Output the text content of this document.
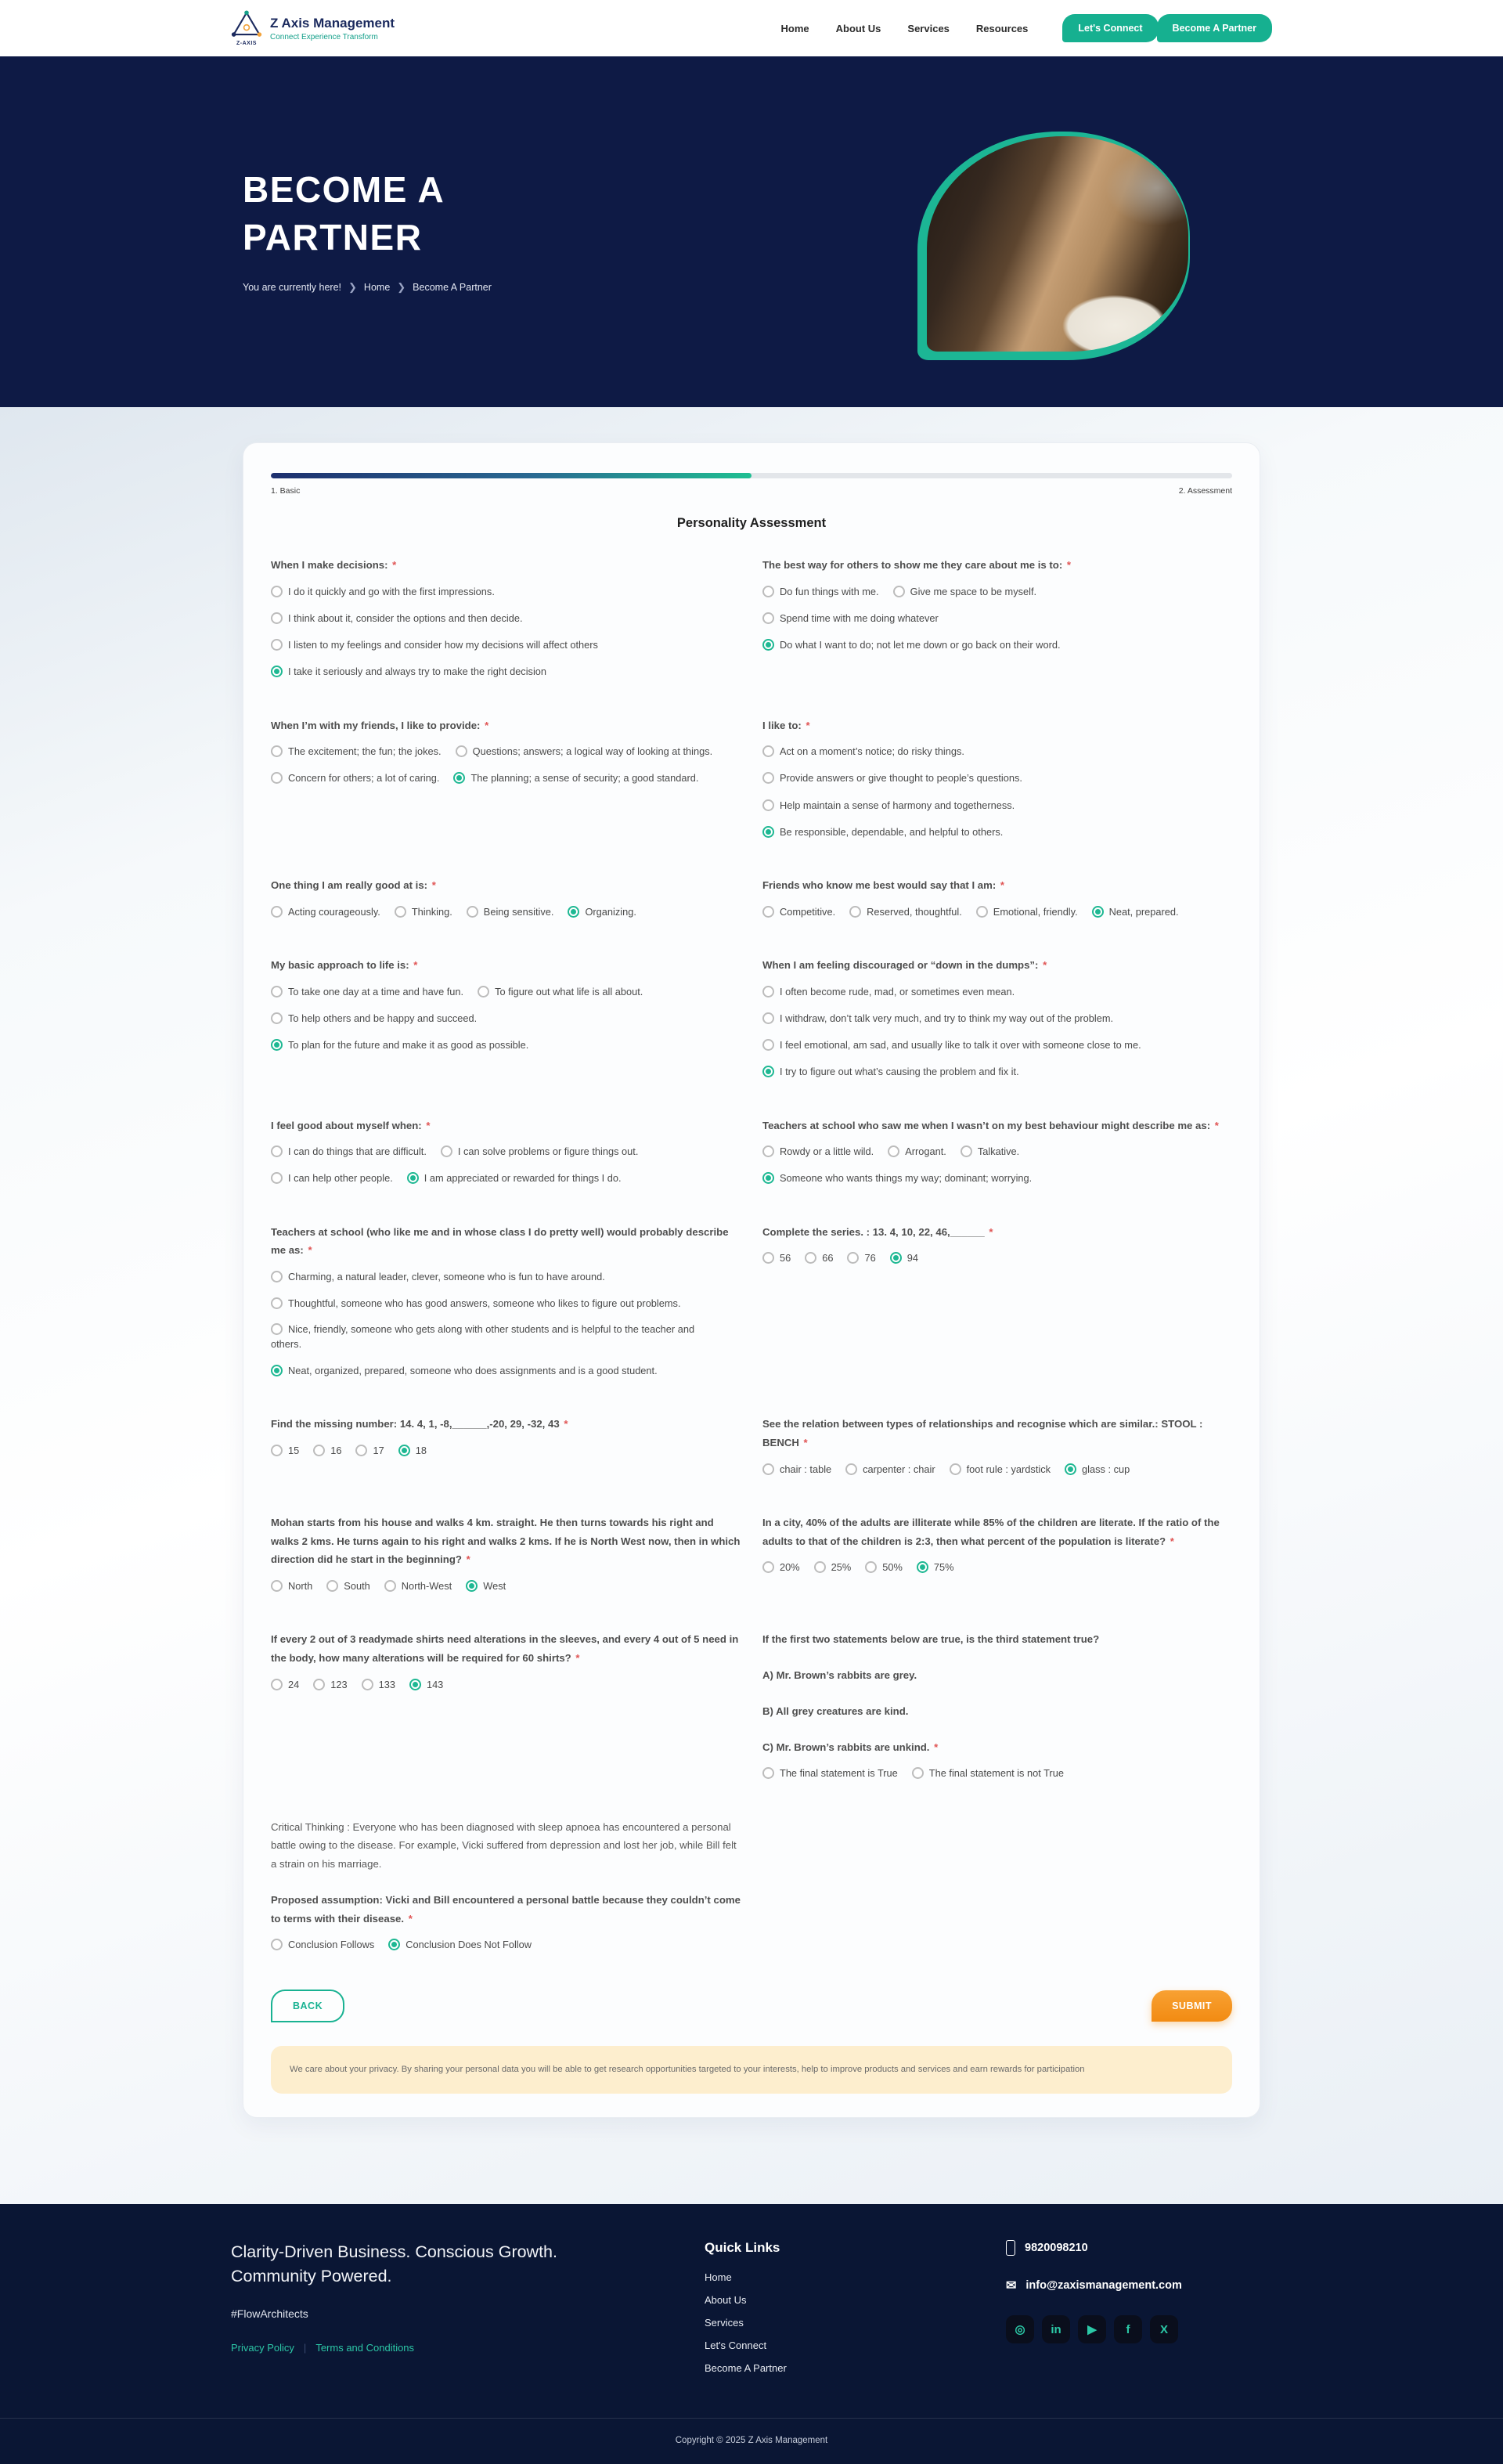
Z-AXIS
Z Axis Management
Connect Experience Transform
Home	About Us	Services	Resources	Let's Connect	Become A Partner
BECOME A
PARTNER
You are currently here! ❯ Home ❯ Become A Partner
1. Basic	2. Assessment
Personality Assessment
When I make decisions: *
I do it quickly and go with the first impressions.I think about it, consider the options and then decide.I listen to my feelings and consider how my decisions will affect othersI take it seriously and always try to make the right decision
The best way for others to show me they care about me is to: *
Do fun things with me.	Give me space to be myself.Spend time with me doing whateverDo what I want to do; not let me down or go back on their word.
When I’m with my friends, I like to provide: *
The excitement; the fun; the jokes.	Questions; answers; a logical way of looking at things.Concern for others; a lot of caring.	The planning; a sense of security; a good standard.
I like to: *
Act on a moment’s notice; do risky things.Provide answers or give thought to people’s questions.Help maintain a sense of harmony and togetherness.Be responsible, dependable, and helpful to others.
One thing I am really good at is: *
Acting courageously.	Thinking.	Being sensitive.	Organizing.
Friends who know me best would say that I am: *
Competitive.	Reserved, thoughtful.	Emotional, friendly.	Neat, prepared.
My basic approach to life is: *
To take one day at a time and have fun.	To figure out what life is all about.To help others and be happy and succeed.To plan for the future and make it as good as possible.
When I am feeling discouraged or “down in the dumps”: *
I often become rude, mad, or sometimes even mean.I withdraw, don’t talk very much, and try to think my way out of the problem.I feel emotional, am sad, and usually like to talk it over with someone close to me.I try to figure out what’s causing the problem and fix it.
I feel good about myself when: *
I can do things that are difficult.	I can solve problems or figure things out.I can help other people.	I am appreciated or rewarded for things I do.
Teachers at school who saw me when I wasn’t on my best behaviour might describe me as: *
Rowdy or a little wild.	Arrogant.	Talkative.Someone who wants things my way; dominant; worrying.
Teachers at school (who like me and in whose class I do pretty well) would probably describe me as: *
Charming, a natural leader, clever, someone who is fun to have around.Thoughtful, someone who has good answers, someone who likes to figure out problems.Nice, friendly, someone who gets along with other students and is helpful to the teacher and others.Neat, organized, prepared, someone who does assignments and is a good student.
Complete the series. : 13. 4, 10, 22, 46,______ *
56	66	76	94
Find the missing number: 14. 4, 1, -8,______,-20, 29, -32, 43 *
15	16	17	18
See the relation between types of relationships and recognise which are similar.: STOOL : BENCH *
chair : table	carpenter : chair	foot rule : yardstick	glass : cup
Mohan starts from his house and walks 4 km. straight. He then turns towards his right and walks 2 kms. He turns again to his right and walks 2 kms. If he is North West now, then in which direction did he start in the beginning? *
North	South	North-West	West
In a city, 40% of the adults are illiterate while 85% of the children are literate. If the ratio of the adults to that of the children is 2:3, then what percent of the population is literate? *
20%	25%	50%	75%
If every 2 out of 3 readymade shirts need alterations in the sleeves, and every 4 out of 5 need in the body, how many alterations will be required for 60 shirts? *
24	123	133	143
If the first two statements below are true, is the third statement true?
A) Mr. Brown’s rabbits are grey.
B) All grey creatures are kind.
C) Mr. Brown’s rabbits are unkind. *
The final statement is True	The final statement is not True
Critical Thinking : Everyone who has been diagnosed with sleep apnoea has encountered a personal battle owing to the disease. For example, Vicki suffered from depression and lost her job, while Bill felt a strain on his marriage.
Proposed assumption: Vicki and Bill encountered a personal battle because they couldn’t come to terms with their disease. *
Conclusion Follows	Conclusion Does Not Follow
BACK	SUBMIT
We care about your privacy. By sharing your personal data you will be able to get research opportunities targeted to your interests, help to improve products and services and earn rewards for participation
Clarity-Driven Business. Conscious Growth. Community Powered.
#FlowArchitects
Privacy Policy | Terms and Conditions
Quick Links
Home
About Us
Services
Let's Connect
Become A Partner
9820098210
✉ info@zaxismanagement.com
◎	in	▶	f	X
Copyright © 2025 Z Axis Management
